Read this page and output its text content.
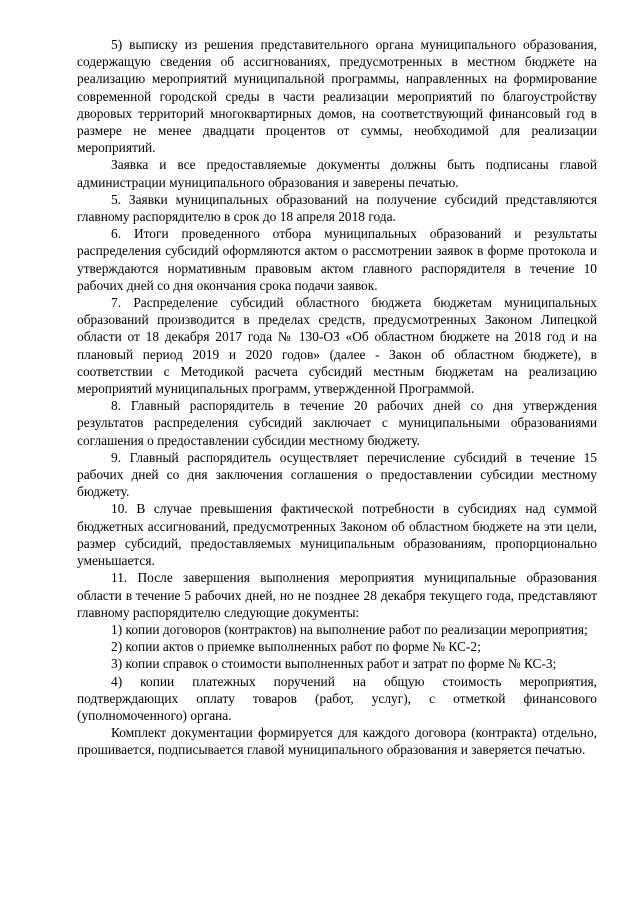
5) выписку из решения представительного органа муниципального образования, содержащую сведения об ассигнованиях, предусмотренных в местном бюджете на реализацию мероприятий муниципальной программы, направленных на формирование современной городской среды в части реализации мероприятий по благоустройству дворовых территорий многоквартирных домов, на соответствующий финансовый год в размере не менее двадцати процентов от суммы, необходимой для реализации мероприятий.

Заявка и все предоставляемые документы должны быть подписаны главой администрации муниципального образования и заверены печатью.

5. Заявки муниципальных образований на получение субсидий представляются главному распорядителю в срок до 18 апреля 2018 года.

6. Итоги проведенного отбора муниципальных образований и результаты распределения субсидий оформляются актом о рассмотрении заявок в форме протокола и утверждаются нормативным правовым актом главного распорядителя в течение 10 рабочих дней со дня окончания срока подачи заявок.

7. Распределение субсидий областного бюджета бюджетам муниципальных образований производится в пределах средств, предусмотренных Законом Липецкой области от 18 декабря 2017 года № 130-ОЗ «Об областном бюджете на 2018 год и на плановый период 2019 и 2020 годов» (далее - Закон об областном бюджете), в соответствии с Методикой расчета субсидий местным бюджетам на реализацию мероприятий муниципальных программ, утвержденной Программой.

8. Главный распорядитель в течение 20 рабочих дней со дня утверждения результатов распределения субсидий заключает с муниципальными образованиями соглашения о предоставлении субсидии местному бюджету.

9. Главный распорядитель осуществляет перечисление субсидий в течение 15 рабочих дней со дня заключения соглашения о предоставлении субсидии местному бюджету.

10. В случае превышения фактической потребности в субсидиях над суммой бюджетных ассигнований, предусмотренных Законом об областном бюджете на эти цели, размер субсидий, предоставляемых муниципальным образованиям, пропорционально уменьшается.

11. После завершения выполнения мероприятия муниципальные образования области в течение 5 рабочих дней, но не позднее 28 декабря текущего года, представляют главному распорядителю следующие документы:

1) копии договоров (контрактов) на выполнение работ по реализации мероприятия;

2) копии актов о приемке выполненных работ по форме № КС-2;

3) копии справок о стоимости выполненных работ и затрат по форме № КС-3;

4) копии платежных поручений на общую стоимость мероприятия, подтверждающих оплату товаров (работ, услуг), с отметкой финансового (уполномоченного) органа.

Комплект документации формируется для каждого договора (контракта) отдельно, прошивается, подписывается главой муниципального образования и заверяется печатью.
